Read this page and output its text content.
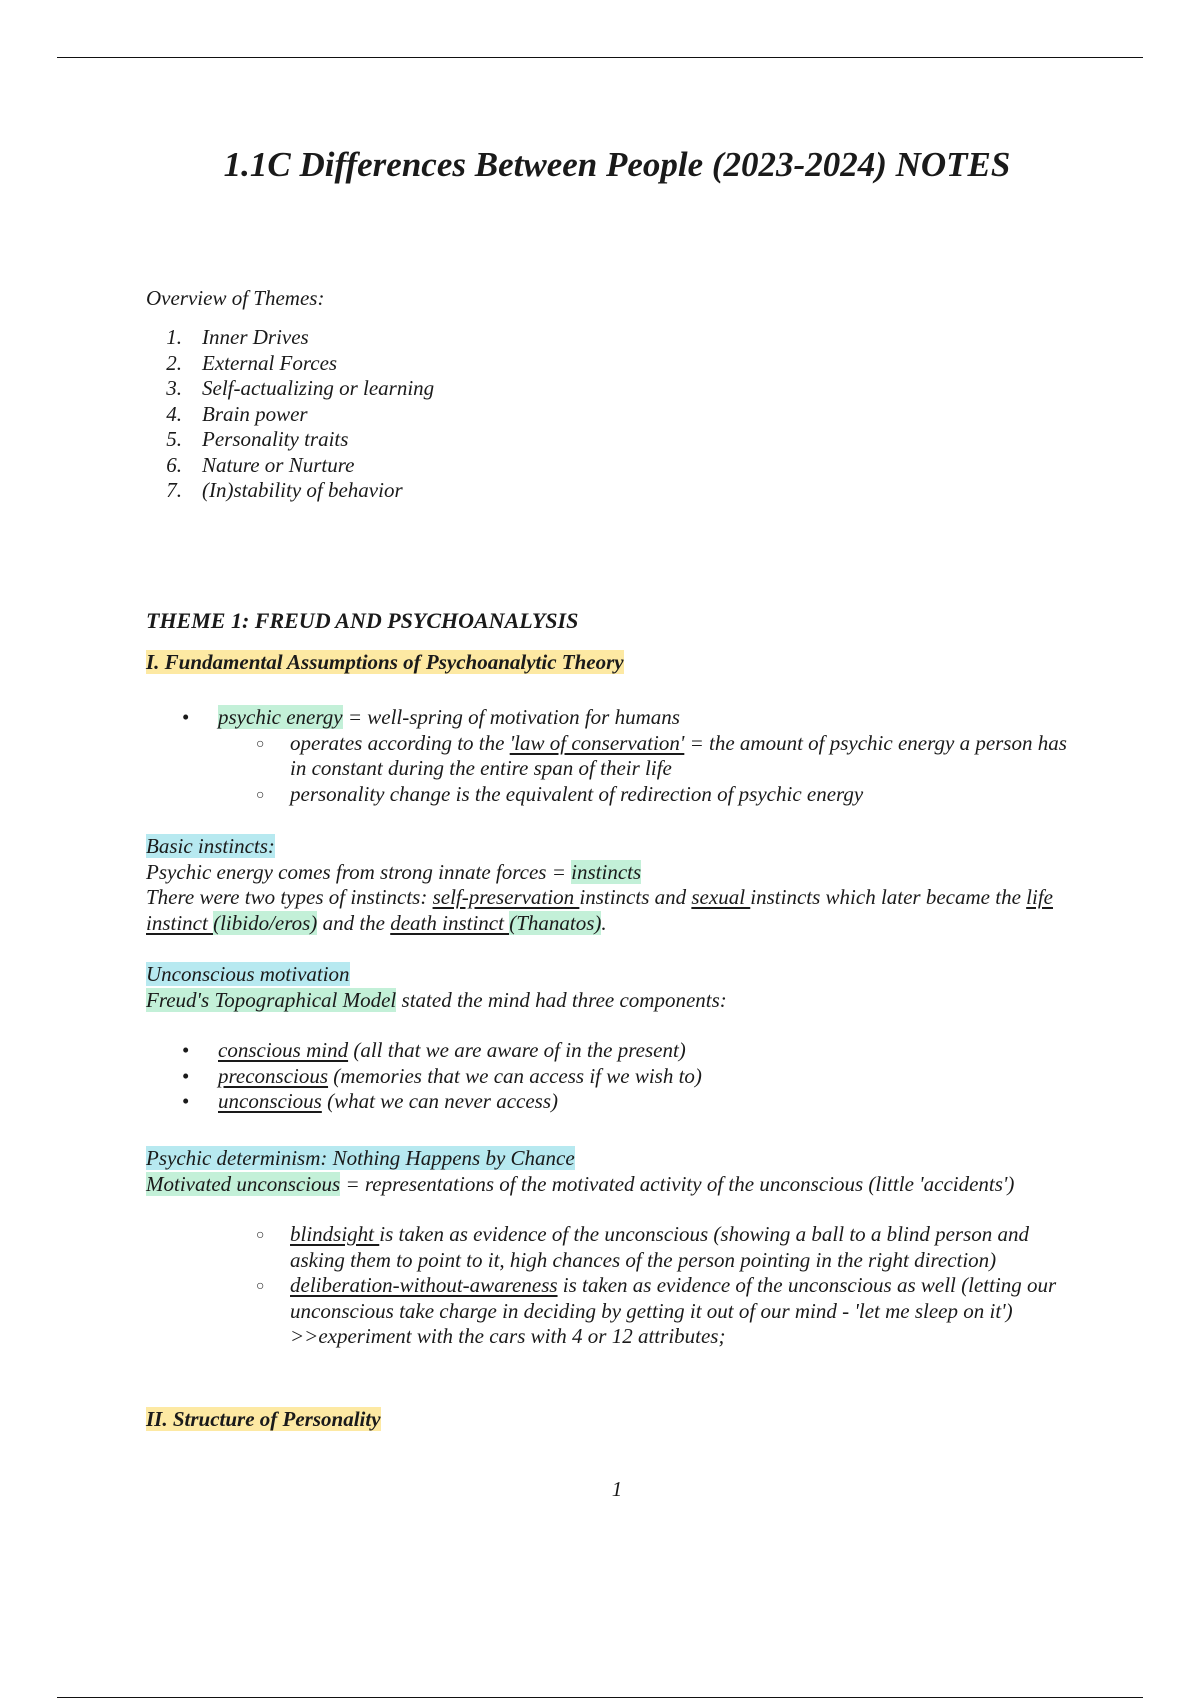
1.1C Differences Between People (2023-2024) NOTES
Overview of Themes:
1. Inner Drives
2. External Forces
3. Self-actualizing or learning
4. Brain power
5. Personality traits
6. Nature or Nurture
7. (In)stability of behavior
THEME 1: FREUD AND PSYCHOANALYSIS
I. Fundamental Assumptions of Psychoanalytic Theory
• psychic energy = well-spring of motivation for humans
○ operates according to the 'law of conservation' = the amount of psychic energy a person has in constant during the entire span of their life
○ personality change is the equivalent of redirection of psychic energy
Basic instincts:
Psychic energy comes from strong innate forces = instincts
There were two types of instincts: self-preservation instincts and sexual instincts which later became the life instinct (libido/eros) and the death instinct (Thanatos).
Unconscious motivation
Freud's Topographical Model stated the mind had three components:
• conscious mind (all that we are aware of in the present)
• preconscious (memories that we can access if we wish to)
• unconscious (what we can never access)
Psychic determinism: Nothing Happens by Chance
Motivated unconscious = representations of the motivated activity of the unconscious (little 'accidents')
○ blindsight is taken as evidence of the unconscious (showing a ball to a blind person and asking them to point to it, high chances of the person pointing in the right direction)
○ deliberation-without-awareness is taken as evidence of the unconscious as well (letting our unconscious take charge in deciding by getting it out of our mind - 'let me sleep on it') >>experiment with the cars with 4 or 12 attributes;
II. Structure of Personality
1
